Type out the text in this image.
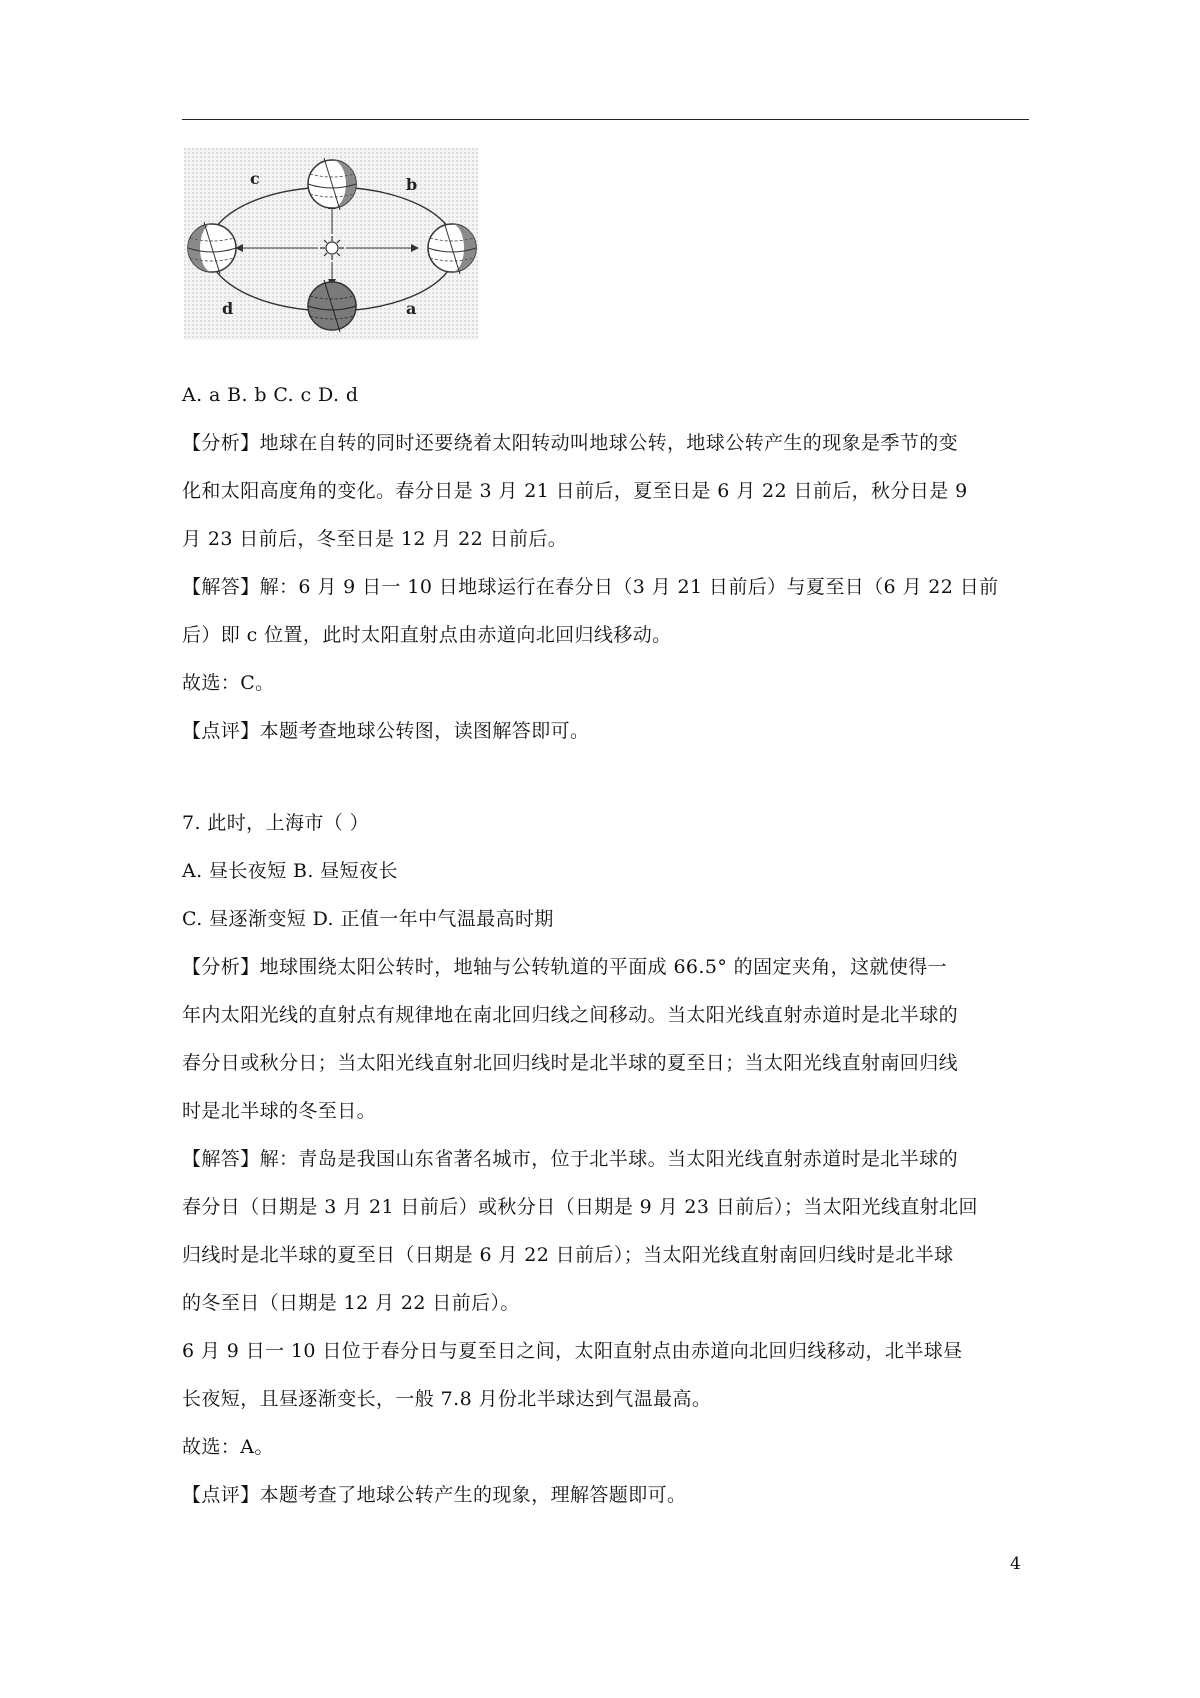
c	b
d	a
A. a B. b C. c D. d
【分析】地球在自转的同时还要绕着太阳转动叫地球公转，地球公转产生的现象是季节的变
化和太阳高度角的变化。春分日是 3 月 21 日前后，夏至日是 6 月 22 日前后，秋分日是 9
月 23 日前后，冬至日是 12 月 22 日前后。
【解答】解：6 月 9 日一 10 日地球运行在春分日（3 月 21 日前后）与夏至日（6 月 22 日前
后）即 c 位置，此时太阳直射点由赤道向北回归线移动。
故选：C。
【点评】本题考查地球公转图，读图解答即可。
7. 此时，上海市（ ）
A. 昼长夜短 B. 昼短夜长
C. 昼逐渐变短 D. 正值一年中气温最高时期
【分析】地球围绕太阳公转时，地轴与公转轨道的平面成 66.5° 的固定夹角，这就使得一
年内太阳光线的直射点有规律地在南北回归线之间移动。当太阳光线直射赤道时是北半球的
春分日或秋分日；当太阳光线直射北回归线时是北半球的夏至日；当太阳光线直射南回归线
时是北半球的冬至日。
【解答】解：青岛是我国山东省著名城市，位于北半球。当太阳光线直射赤道时是北半球的
春分日（日期是 3 月 21 日前后）或秋分日（日期是 9 月 23 日前后）；当太阳光线直射北回
归线时是北半球的夏至日（日期是 6 月 22 日前后）；当太阳光线直射南回归线时是北半球
的冬至日（日期是 12 月 22 日前后）。
6 月 9 日一 10 日位于春分日与夏至日之间，太阳直射点由赤道向北回归线移动，北半球昼
长夜短，且昼逐渐变长，一般 7.8 月份北半球达到气温最高。
故选：A。
【点评】本题考查了地球公转产生的现象，理解答题即可。
4
